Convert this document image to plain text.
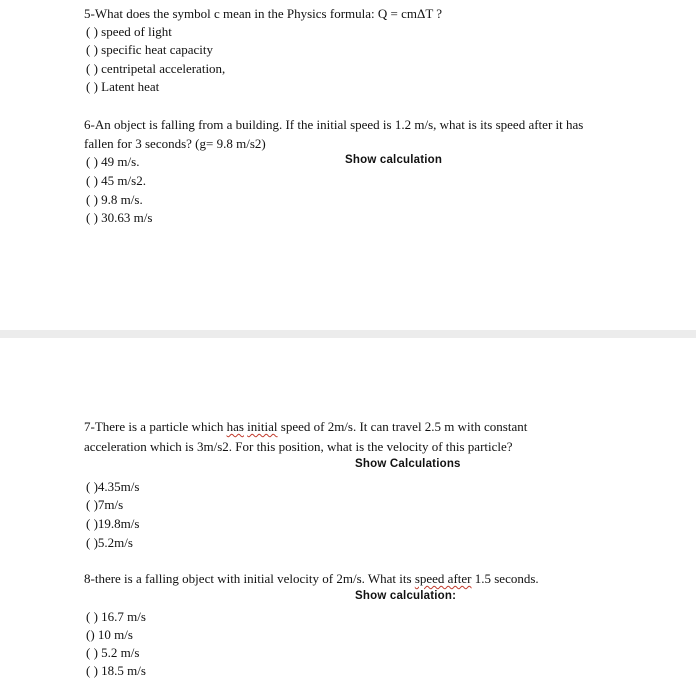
5-What does the symbol c mean in the Physics formula: Q = cmΔT ?
( ) speed of light
( ) specific heat capacity
( ) centripetal acceleration,
( ) Latent heat
6-An object is falling from a building. If the initial speed is 1.2 m/s, what is its speed after it has
fallen for 3 seconds? (g= 9.8 m/s2)
Show calculation
( ) 49 m/s.
( ) 45 m/s2.
( ) 9.8 m/s.
( ) 30.63 m/s
7-There is a particle which has initial speed of 2m/s. It can travel 2.5 m with constant
acceleration which is 3m/s2. For this position, what is the velocity of this particle?
Show Calculations
( )4.35m/s
( )7m/s
( )19.8m/s
( )5.2m/s
8-there is a falling object with initial velocity of 2m/s. What its speed after 1.5 seconds.
Show calculation:
( ) 16.7 m/s
() 10 m/s
( ) 5.2 m/s
( ) 18.5 m/s
